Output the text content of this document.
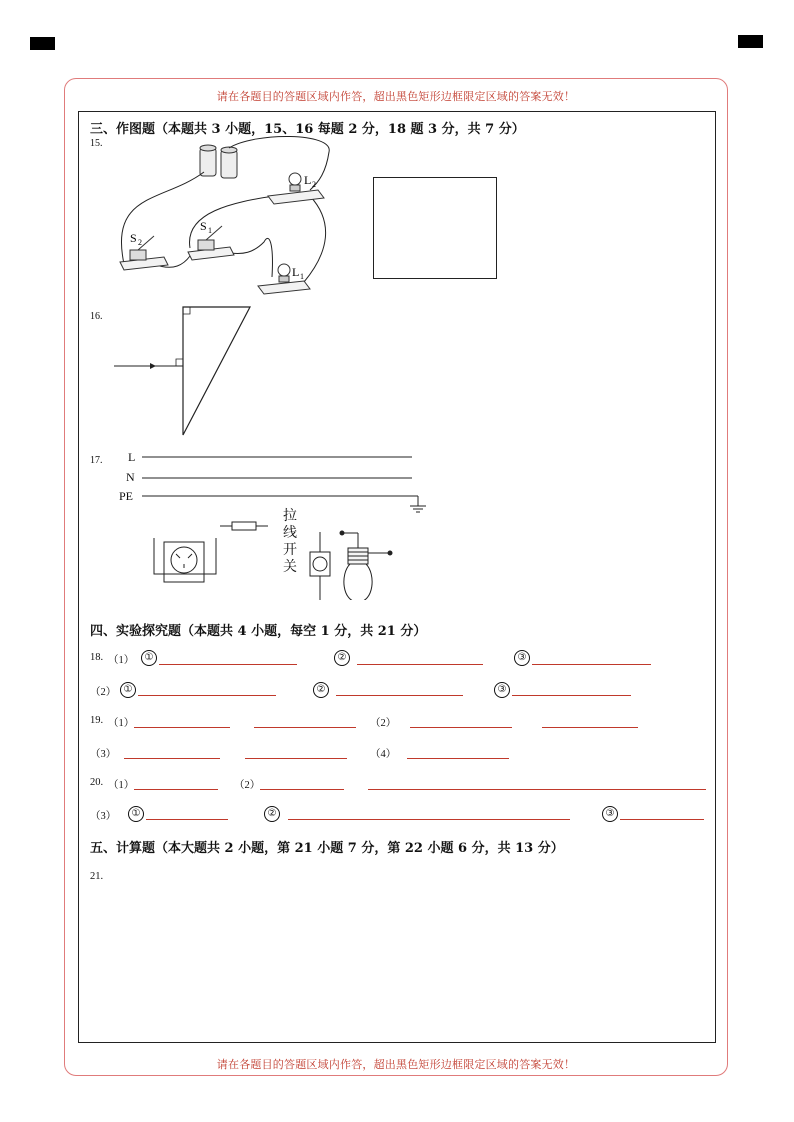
请在各题目的答题区域内作答，超出黑色矩形边框限定区域的答案无效！
请在各题目的答题区域内作答，超出黑色矩形边框限定区域的答案无效！
三、作图题（本题共 3 小题，15、16 每题 2 分，18 题 3 分，共 7 分）
15.
S 2
S 1
L 2
L 1
16.
17. L
N
PE
拉
线
开
关
四、实验探究题（本题共 4 小题，每空 1 分，共 21 分）
18. （1）	①	②	③
（2） ①	②	③
19. （1）	（2）
（3）	（4）
20. （1）	（2）
（3）	①	②	③
五、计算题（本大题共 2 小题，第 21 小题 7 分，第 22 小题 6 分，共 13 分）
21.
